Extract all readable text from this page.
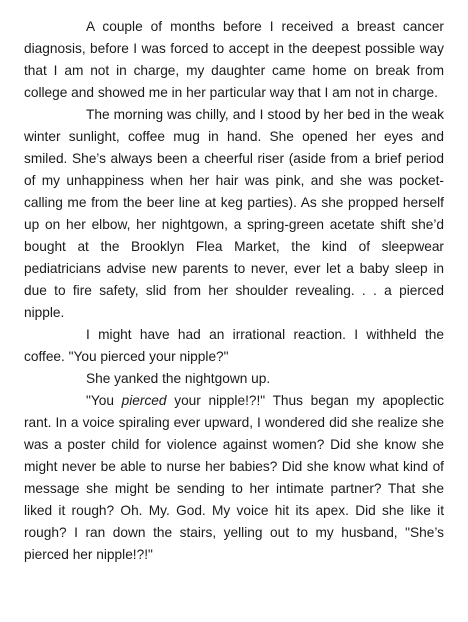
A couple of months before I received a breast cancer diagnosis, before I was forced to accept in the deepest possible way that I am not in charge, my daughter came home on break from college and showed me in her particular way that I am not in charge.

The morning was chilly, and I stood by her bed in the weak winter sunlight, coffee mug in hand. She opened her eyes and smiled. She’s always been a cheerful riser (aside from a brief period of my unhappiness when her hair was pink, and she was pocket-calling me from the beer line at keg parties). As she propped herself up on her elbow, her nightgown, a spring-green acetate shift she’d bought at the Brooklyn Flea Market, the kind of sleepwear pediatricians advise new parents to never, ever let a baby sleep in due to fire safety, slid from her shoulder revealing. . . a pierced nipple.

I might have had an irrational reaction. I withheld the coffee. "You pierced your nipple?"

She yanked the nightgown up.

"You pierced your nipple!?!" Thus began my apoplectic rant. In a voice spiraling ever upward, I wondered did she realize she was a poster child for violence against women? Did she know she might never be able to nurse her babies? Did she know what kind of message she might be sending to her intimate partner? That she liked it rough? Oh. My. God. My voice hit its apex. Did she like it rough? I ran down the stairs, yelling out to my husband, "She’s pierced her nipple!?!"
